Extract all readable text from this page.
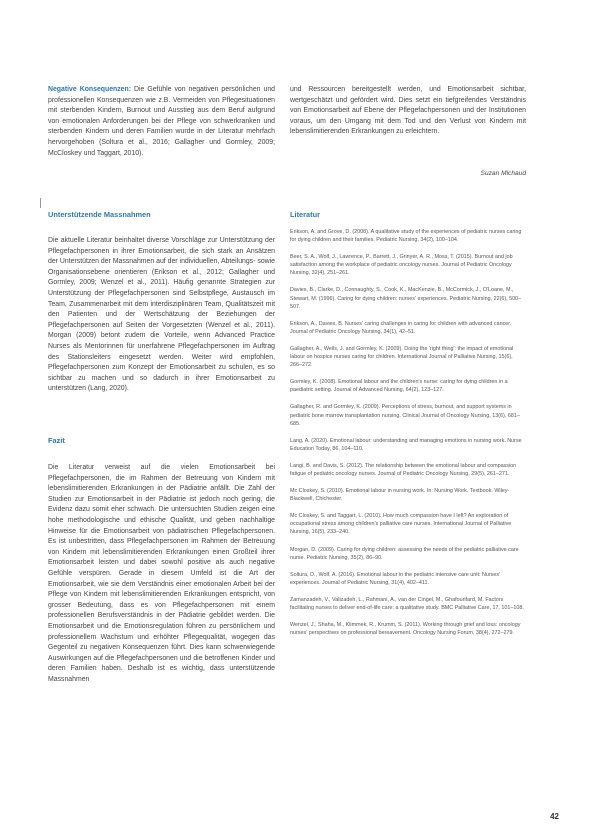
Negative Konsequenzen: Die Gefühle von negativen persönlichen und professionellen Konsequenzen wie z.B. Vermeiden von Pflegesituationen mit sterbenden Kindern, Burnout und Ausstieg aus dem Beruf aufgrund von emotionalen Anforderungen bei der Pflege von schwerkranken und sterbenden Kindern und deren Familien wurde in der Literatur mehrfach hervorgehoben (Soltura et al., 2016; Gallagher und Gormley, 2009; McCloskey und Taggart, 2010).

Unterstützende Massnahmen

Die aktuelle Literatur beinhaltet diverse Vorschläge zur Unterstützung der Pflegefachpersonen in ihrer Emotionsarbeit, die sich stark an Ansätzen der Unterstützen der Massnahmen auf der individuellen, Abteilungs- sowie Organisationsebene orientieren (Erikson et al., 2012; Gallagher und Gormley, 2009; Wenzel et al., 2011). Häufig genannte Strategien zur Unterstützung der Pflegefachpersonen sind Selbstpflege, Austausch im Team, Zusammenarbeit mit dem interdisziplinären Team, Qualitätszeit mit den Patienten und der Wertschätzung der Beziehungen der Pflegefachpersonen auf Seiten der Vorgesetzten (Wenzel et al., 2011). Morgan (2009) betont zudem die Vorteile, wenn Advanced Practice Nurses als Mentorinnen für unerfahrene Pflegefachpersonen im Auftrag des Stationsleiters eingesetzt werden. Weiter wird empfohlen, Pflegefachpersonen zum Konzept der Emotionsarbeit zu schulen, es so sichtbar zu machen und so dadurch in ihrer Emotionsarbeit zu unterstützen (Lang, 2020).

Fazit

Die Literatur verweist auf die vielen Emotionsarbeit bei Pflegefachpersonen, die im Rahmen der Betreuung von Kindern mit lebenslimitierenden Erkrankungen in der Pädiatrie anfällt. Die Zahl der Studien zur Emotionsarbeit in der Pädiatrie ist jedoch noch gering, die Evidenz dazu somit eher schwach. Die untersuchten Studien zeigen eine hohe methodologische und ethische Qualität, und geben nachhaltige Hinweise für die Emotionsarbeit von pädiatrischen Pflegefachpersonen. Es ist unbestritten, dass Pflegefachpersonen im Rahmen der Betreuung von Kindern mit lebenslimitierenden Erkrankungen einen Großteil ihrer Emotionsarbeit leisten und dabei sowohl positive als auch negative Gefühle verspüren. Gerade in diesem Umfeld ist die Art der Emotionsarbeit, wie sie dem Verständnis einer emotionalen Arbeit bei der Pflege von Kindern mit lebenslimitierenden Erkrankungen entspricht, von grosser Bedeutung, dass es von Pflegefachpersonen mit einem professionellen Berufsverständnis in der Pädiatrie gebildet werden. Die Emotionsarbeit und die Emotionsregulation führen zu persönlichem und professionellem Wachstum und erhöhter Pflegequalität, wogegen das Gegenteil zu negativen Konsequenzen führt. Dies kann schwerwiegende Auswirkungen auf die Pflegefachpersonen und die betroffenen Kinder und deren Familien haben. Deshalb ist es wichtig, dass unterstützende Massnahmen

und Ressourcen bereitgestellt werden, und Emotionsarbeit sichtbar, wertgeschätzt und gefördert wird. Dies setzt ein tiefgreifendes Verständnis von Emotionsarbeit auf Ebene der Pflegefachpersonen und der Institutionen voraus, um den Umgang mit dem Tod und den Verlust von Kindern mit lebenslimitierenden Erkrankungen zu erleichtern.

Suzan Michaud
Literatur

Erikson, A. and Grove, D. (2008). A qualitative study of the experiences of pediatric nurses caring for dying children and their families. Pediatric Nursing, 34(2), 100–104.

Beer, S. A., Wolf, J., Lawrence, P., Barrett, J., Grinyer, A. R., Moss, T. (2015). Burnout and job satisfaction among the workplace of pediatric oncology nurses. Journal of Pediatric Oncology Nursing, 32(4), 251–261.

Davies, B., Clarke, D., Connaughty, S., Cook, K., MacKenzie, B., McCormick, J., O'Loane, M., Stewart, M. (1996). Caring for dying children: nurses' experiences. Pediatric Nursing, 22(6), 500–507.

Erikson, A., Davies, B. Nurses' caring challenges in caring for children with advanced cancer. Journal of Pediatric Oncology Nursing, 34(1), 42–51.

Gallagher, A., Wells, J. and Gormley, K. (2009). Doing the 'right thing': the impact of emotional labour on hospice nurses caring for children. International Journal of Palliative Nursing, 15(6), 266–272.

Gormley, K. (2008). Emotional labour and the children's nurse: caring for dying children in a paediatric setting. Journal of Advanced Nursing, 64(2), 123–127.

Gallagher, R. and Gormley, K. (2009). Perceptions of stress, burnout, and support systems in pediatric bone marrow transplantation nursing. Clinical Journal of Oncology Nursing, 13(6), 681–685.

Lang, A. (2020). Emotional labour: understanding and managing emotions in nursing work. Nurse Education Today, 86, 104–110.

Langi, B. and Davis, S. (2012). The relationship between the emotional labour and compassion fatigue of pediatric oncology nurses. Journal of Pediatric Oncology Nursing, 29(5), 261–271.

Mc Closkey, S. (2010). Emotional labour in nursing work. In: Nursing Work. Textbook. Wiley-Blackwell, Chichester.

Mc Closkey, S. and Taggart, L. (2010). How much compassion have I left? An exploration of occupational stress among children's palliative care nurses. International Journal of Palliative Nursing, 16(5), 233–240.

Morgan, D. (2009). Caring for dying children: assessing the needs of the pediatric palliative care nurse. Pediatric Nursing, 35(2), 86–90.

Soltura, D., Wolf, A. (2016). Emotional labour in the pediatric intensive care unit: Nurses' experiences. Journal of Pediatric Nursing, 31(4), 402–411.

Zamanzadeh, V., Valizadeh, L., Rahmani, A., van der Cingel, M., Ghafourifard, M. Factors facilitating nurses to deliver end-of-life care: a qualitative study. BMC Palliative Care, 17, 101–108.

Wenzel, J., Shaha, M., Klimmek, R., Krumm, S. (2011). Working through grief and loss: oncology nurses' perspectives on professional bereavement. Oncology Nursing Forum, 38(4), 272–279.

42
